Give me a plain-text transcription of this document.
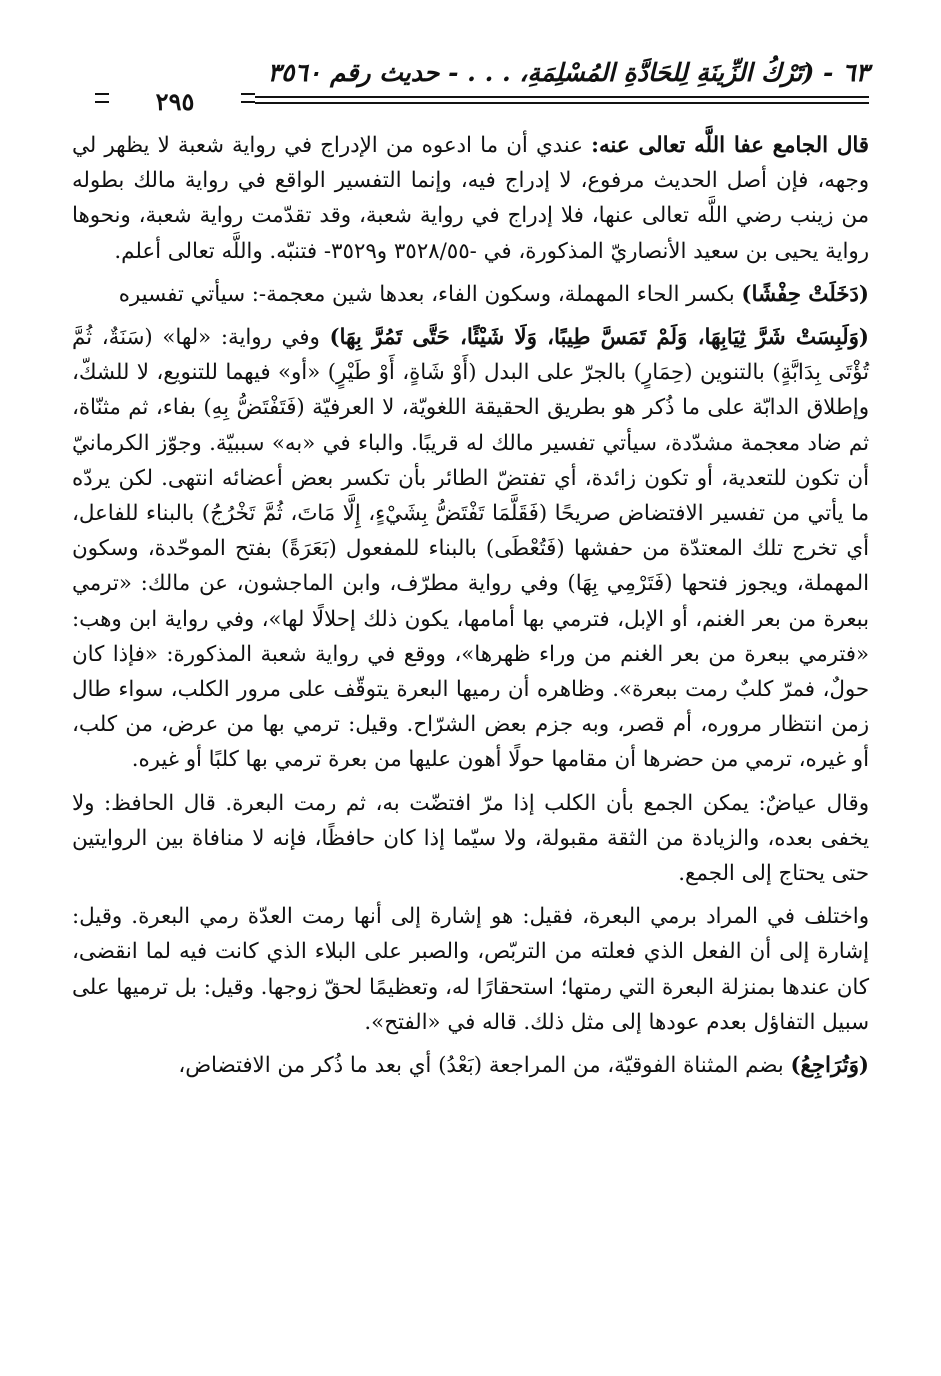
٦٣ - (تَرْكُ الزِّينَةِ لِلحَادَّةِ المُسْلِمَةِ، . . . - حديث رقم ٣٥٦٠
٢٩٥

قال الجامع عفا اللَّه تعالى عنه: عندي أن ما ادعوه من الإدراج في رواية شعبة لا يظهر لي وجهه، فإن أصل الحديث مرفوع، لا إدراج فيه، وإنما التفسير الواقع في رواية مالك بطوله من زينب رضي اللَّه تعالى عنها، فلا إدراج في رواية شعبة، وقد تقدّمت رواية شعبة، ونحوها رواية يحيى بن سعيد الأنصاريّ المذكورة، في -٣٥٢٨/٥٥ و٣٥٢٩- فتنبّه. واللَّه تعالى أعلم.

(دَخَلَتْ حِفْشًا) بكسر الحاء المهملة، وسكون الفاء، بعدها شين معجمة-: سيأتي تفسيره

(وَلَبِسَتْ شَرَّ ثِيَابِهَا، وَلَمْ تَمَسَّ طِيبًا، وَلَا شَيْئًا، حَتَّى تَمُرَّ بِهَا) وفي رواية: «لها» (سَنَةٌ، ثُمَّ تُؤْتَى بِدَابَّةٍ) بالتنوين (حِمَارٍ) بالجرّ على البدل (أَوْ شَاةٍ، أَوْ طَيْرٍ) «أو» فيهما للتنويع، لا للشكّ، وإطلاق الدابّة على ما ذُكر هو بطريق الحقيقة اللغويّة، لا العرفيّة (فَتَفْتَضُّ بِهِ) بفاء، ثم مثنّاة، ثم ضاد معجمة مشدّدة، سيأتي تفسير مالك له قريبًا. والباء في «به» سببيّة. وجوّز الكرمانيّ أن تكون للتعدية، أو تكون زائدة، أي تفتضّ الطائر بأن تكسر بعض أعضائه انتهى. لكن يردّه ما يأتي من تفسير الافتضاض صريحًا (فَقَلَّمَا تَفْتَضُّ بِشَيْءٍ، إِلَّا مَاتَ، ثُمَّ تَخْرُجُ) بالبناء للفاعل، أي تخرج تلك المعتدّة من حفشها (فَتُعْطَى) بالبناء للمفعول (بَعَرَةً) بفتح الموحّدة، وسكون المهملة، ويجوز فتحها (فَتَرْمِي بِهَا) وفي رواية مطرّف، وابن الماجشون، عن مالك: «ترمي ببعرة من بعر الغنم، أو الإبل، فترمي بها أمامها، يكون ذلك إحلالًا لها»، وفي رواية ابن وهب: «فترمي ببعرة من بعر الغنم من وراء ظهرها»، ووقع في رواية شعبة المذكورة: «فإذا كان حولٌ، فمرّ كلبٌ رمت ببعرة». وظاهره أن رميها البعرة يتوقّف على مرور الكلب، سواء طال زمن انتظار مروره، أم قصر، وبه جزم بعض الشرّاح. وقيل: ترمي بها من عرض، من كلب، أو غيره، ترمي من حضرها أن مقامها حولًا أهون عليها من بعرة ترمي بها كلبًا أو غيره.

وقال عياضٌ: يمكن الجمع بأن الكلب إذا مرّ افتضّت به، ثم رمت البعرة. قال الحافظ: ولا يخفى بعده، والزيادة من الثقة مقبولة، ولا سيّما إذا كان حافظًا، فإنه لا منافاة بين الروايتين حتى يحتاج إلى الجمع.

واختلف في المراد برمي البعرة، فقيل: هو إشارة إلى أنها رمت العدّة رمي البعرة. وقيل: إشارة إلى أن الفعل الذي فعلته من التربّص، والصبر على البلاء الذي كانت فيه لما انقضى، كان عندها بمنزلة البعرة التي رمتها؛ استحقارًا له، وتعظيمًا لحقّ زوجها. وقيل: بل ترميها على سبيل التفاؤل بعدم عودها إلى مثل ذلك. قاله في «الفتح».

(وَتُرَاجِعُ) بضم المثناة الفوقيّة، من المراجعة (بَعْدُ) أي بعد ما ذُكر من الافتضاض،
